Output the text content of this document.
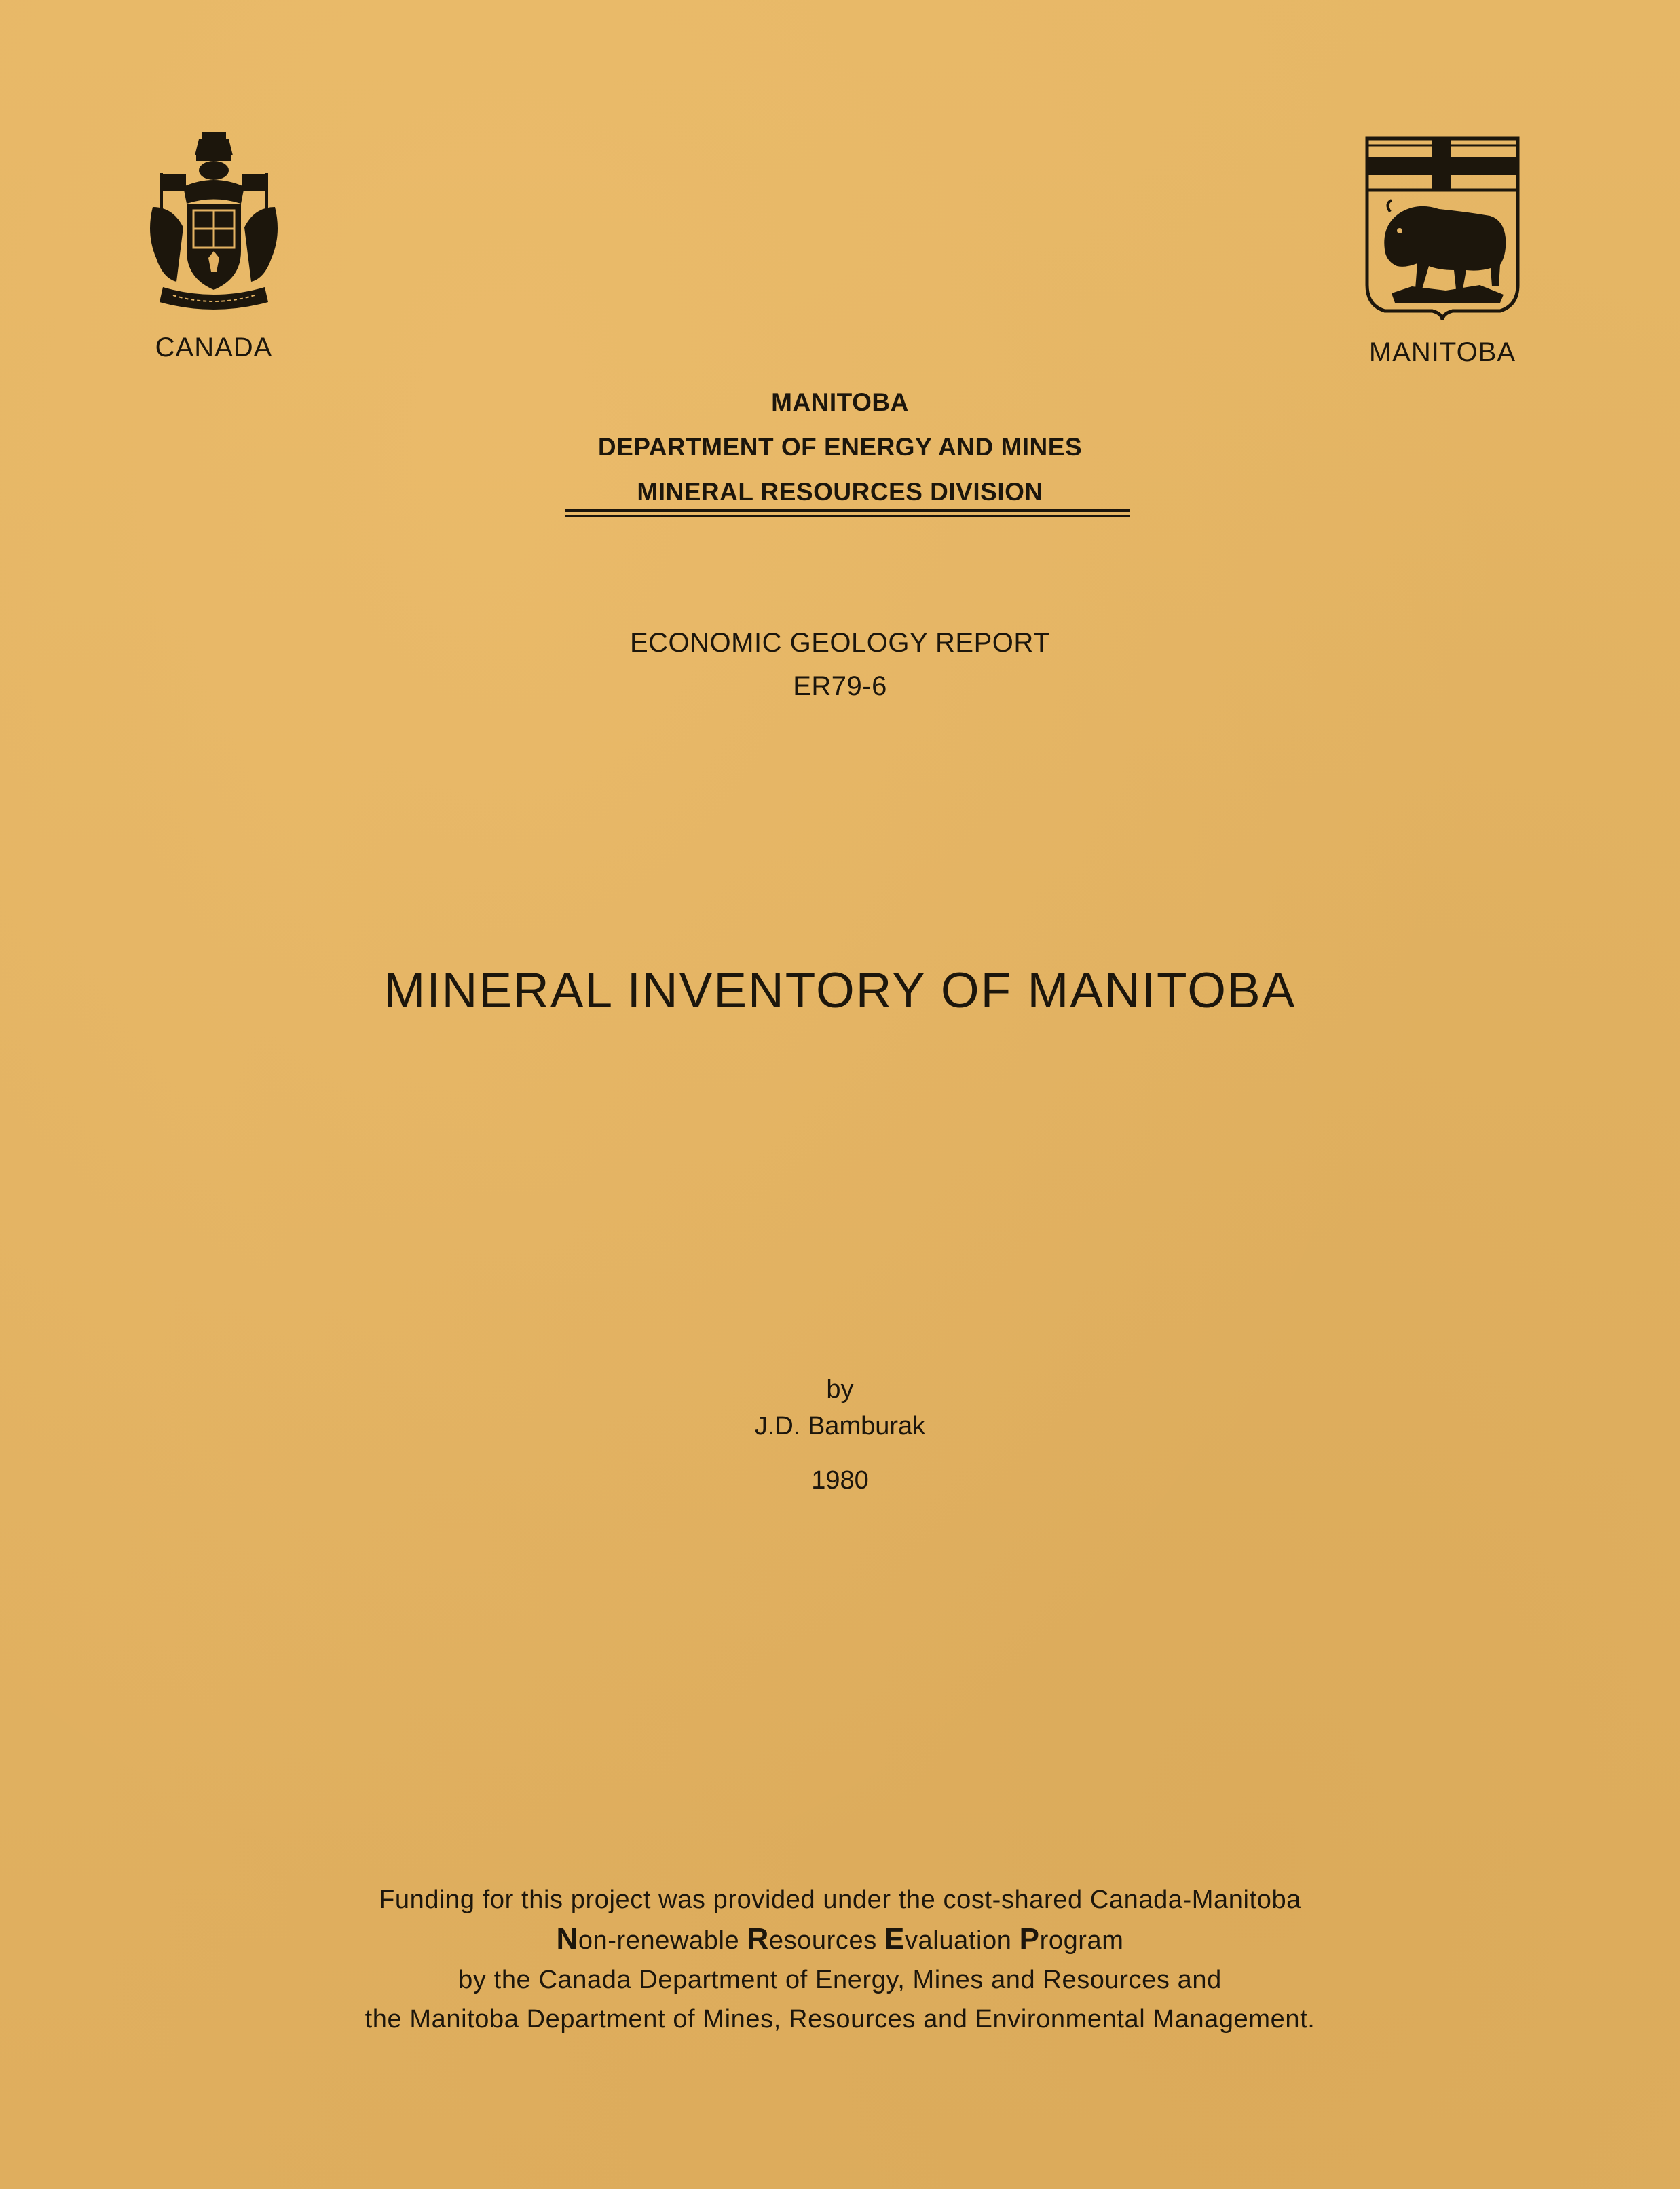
CANADA	MANITOBA
MANITOBA
DEPARTMENT OF ENERGY AND MINES
MINERAL RESOURCES DIVISION
ECONOMIC GEOLOGY REPORT
ER79-6
MINERAL INVENTORY OF MANITOBA
by
J.D. Bamburak
1980
Funding for this project was provided under the cost-shared Canada-Manitoba
Non-renewable Resources Evaluation Program
by the Canada Department of Energy, Mines and Resources and
the Manitoba Department of Mines, Resources and Environmental Management.
